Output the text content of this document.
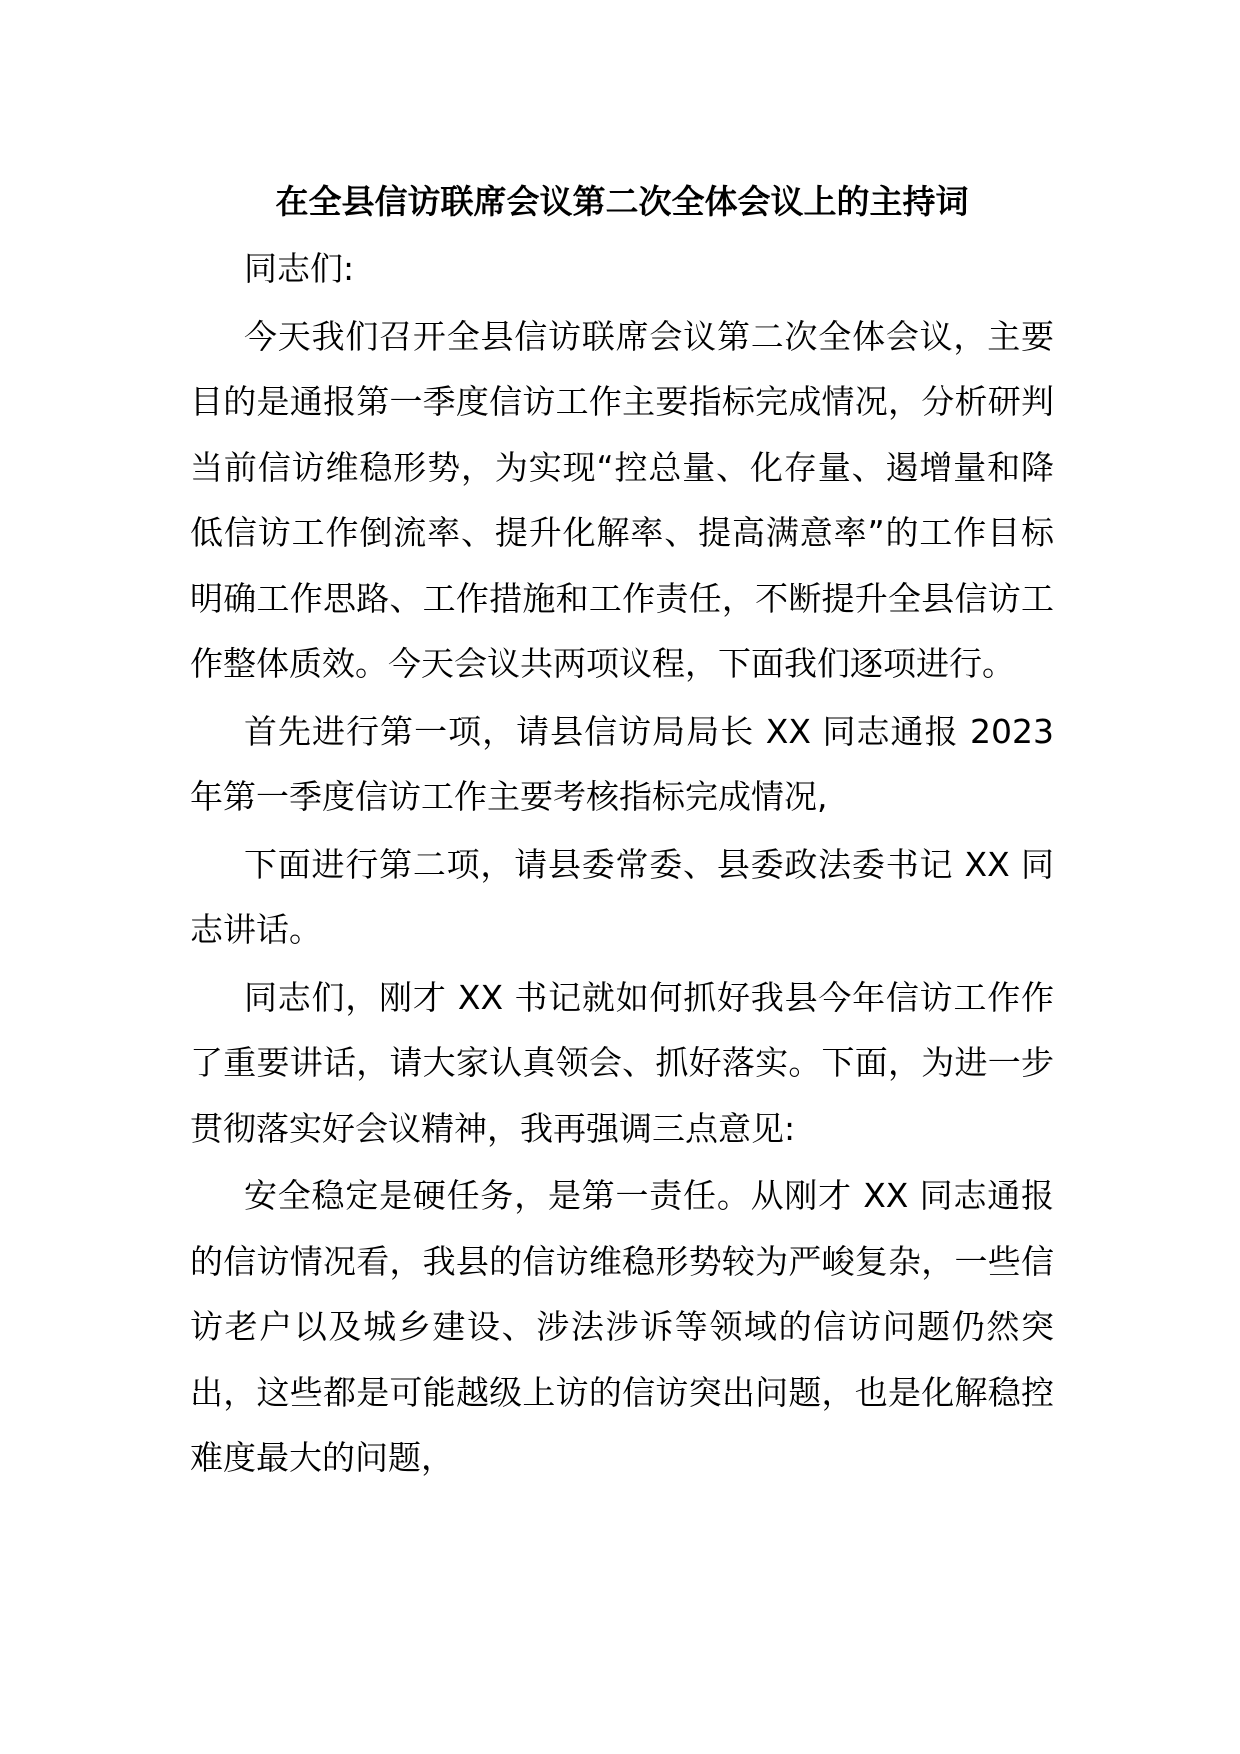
在全县信访联席会议第二次全体会议上的主持词

同志们:

今天我们召开全县信访联席会议第二次全体会议，主要目的是通报第一季度信访工作主要指标完成情况，分析研判当前信访维稳形势，为实现“控总量、化存量、遏增量和降低信访工作倒流率、提升化解率、提高满意率”的工作目标明确工作思路、工作措施和工作责任，不断提升全县信访工作整体质效。今天会议共两项议程，下面我们逐项进行。

首先进行第一项，请县信访局局长 XX 同志通报 2023 年第一季度信访工作主要考核指标完成情况,

下面进行第二项，请县委常委、县委政法委书记 XX 同志讲话。

同志们，刚才 XX 书记就如何抓好我县今年信访工作作了重要讲话，请大家认真领会、抓好落实。下面，为进一步贯彻落实好会议精神，我再强调三点意见:

安全稳定是硬任务，是第一责任。从刚才 XX 同志通报的信访情况看，我县的信访维稳形势较为严峻复杂，一些信访老户以及城乡建设、涉法涉诉等领域的信访问题仍然突出，这些都是可能越级上访的信访突出问题，也是化解稳控难度最大的问题，
